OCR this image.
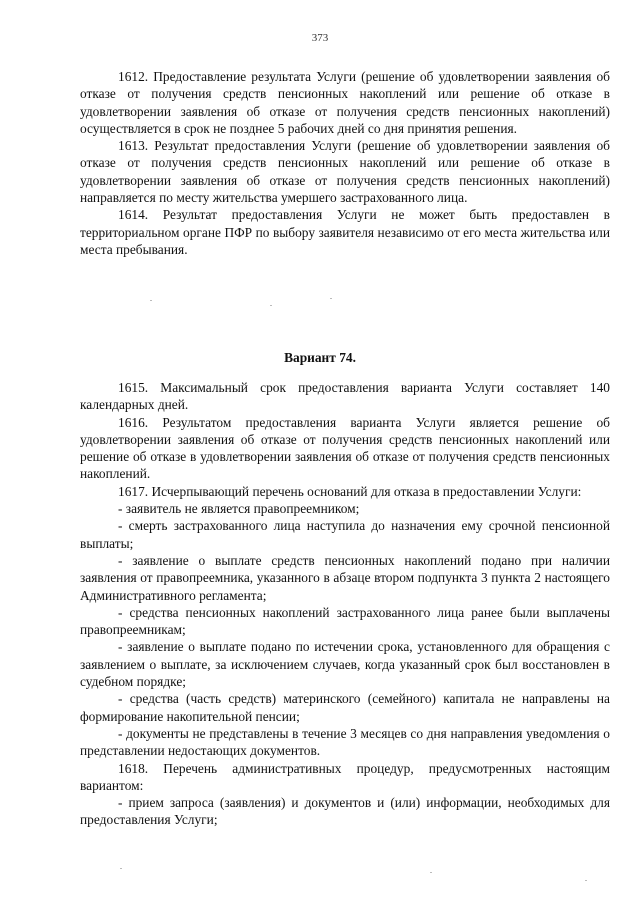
373

1612. Предоставление результата Услуги (решение об удовлетворении заявления об отказе от получения средств пенсионных накоплений или решение об отказе в удовлетворении заявления об отказе от получения средств пенсионных накоплений) осуществляется в срок не позднее 5 рабочих дней со дня принятия решения.

1613. Результат предоставления Услуги (решение об удовлетворении заявления об отказе от получения средств пенсионных накоплений или решение об отказе в удовлетворении заявления об отказе от получения средств пенсионных накоплений) направляется по месту жительства умершего застрахованного лица.

1614. Результат предоставления Услуги не может быть предоставлен в территориальном органе ПФР по выбору заявителя независимо от его места жительства или места пребывания.

Вариант 74.

1615. Максимальный срок предоставления варианта Услуги составляет 140 календарных дней.

1616. Результатом предоставления варианта Услуги является решение об удовлетворении заявления об отказе от получения средств пенсионных накоплений или решение об отказе в удовлетворении заявления об отказе от получения средств пенсионных накоплений.

1617. Исчерпывающий перечень оснований для отказа в предоставлении Услуги:

- заявитель не является правопреемником;

- смерть застрахованного лица наступила до назначения ему срочной пенсионной выплаты;

- заявление о выплате средств пенсионных накоплений подано при наличии заявления от правопреемника, указанного в абзаце втором подпункта 3 пункта 2 настоящего Административного регламента;

- средства пенсионных накоплений застрахованного лица ранее были выплачены правопреемникам;

- заявление о выплате подано по истечении срока, установленного для обращения с заявлением о выплате, за исключением случаев, когда указанный срок был восстановлен в судебном порядке;

- средства (часть средств) материнского (семейного) капитала не направлены на формирование накопительной пенсии;

- документы не представлены в течение 3 месяцев со дня направления уведомления о представлении недостающих документов.

1618. Перечень административных процедур, предусмотренных настоящим вариантом:

- прием запроса (заявления) и документов и (или) информации, необходимых для предоставления Услуги;
